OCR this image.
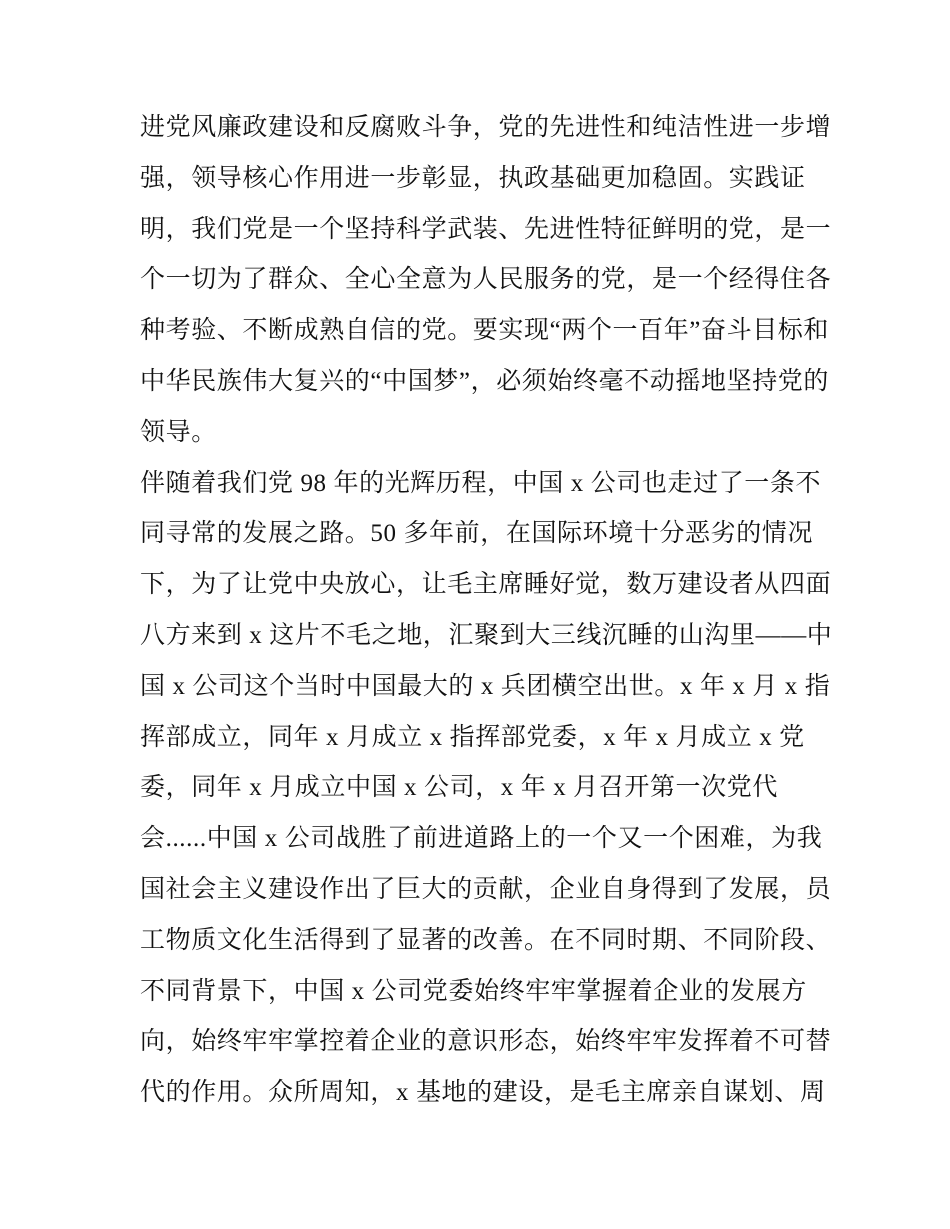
进党风廉政建设和反腐败斗争，党的先进性和纯洁性进一步增
强，领导核心作用进一步彰显，执政基础更加稳固。实践证
明，我们党是一个坚持科学武装、先进性特征鲜明的党，是一
个一切为了群众、全心全意为人民服务的党，是一个经得住各
种考验、不断成熟自信的党。要实现“两个一百年”奋斗目标和
中华民族伟大复兴的“中国梦”，必须始终毫不动摇地坚持党的
领导。
伴随着我们党 98 年的光辉历程，中国 x 公司也走过了一条不
同寻常的发展之路。50 多年前，在国际环境十分恶劣的情况
下，为了让党中央放心，让毛主席睡好觉，数万建设者从四面
八方来到 x 这片不毛之地，汇聚到大三线沉睡的山沟里——中
国 x 公司这个当时中国最大的 x 兵团横空出世。x 年 x 月 x 指
挥部成立，同年 x 月成立 x 指挥部党委，x 年 x 月成立 x 党
委，同年 x 月成立中国 x 公司，x 年 x 月召开第一次党代
会......中国 x 公司战胜了前进道路上的一个又一个困难，为我
国社会主义建设作出了巨大的贡献，企业自身得到了发展，员
工物质文化生活得到了显著的改善。在不同时期、不同阶段、
不同背景下，中国 x 公司党委始终牢牢掌握着企业的发展方
向，始终牢牢掌控着企业的意识形态，始终牢牢发挥着不可替
代的作用。众所周知，x 基地的建设，是毛主席亲自谋划、周
